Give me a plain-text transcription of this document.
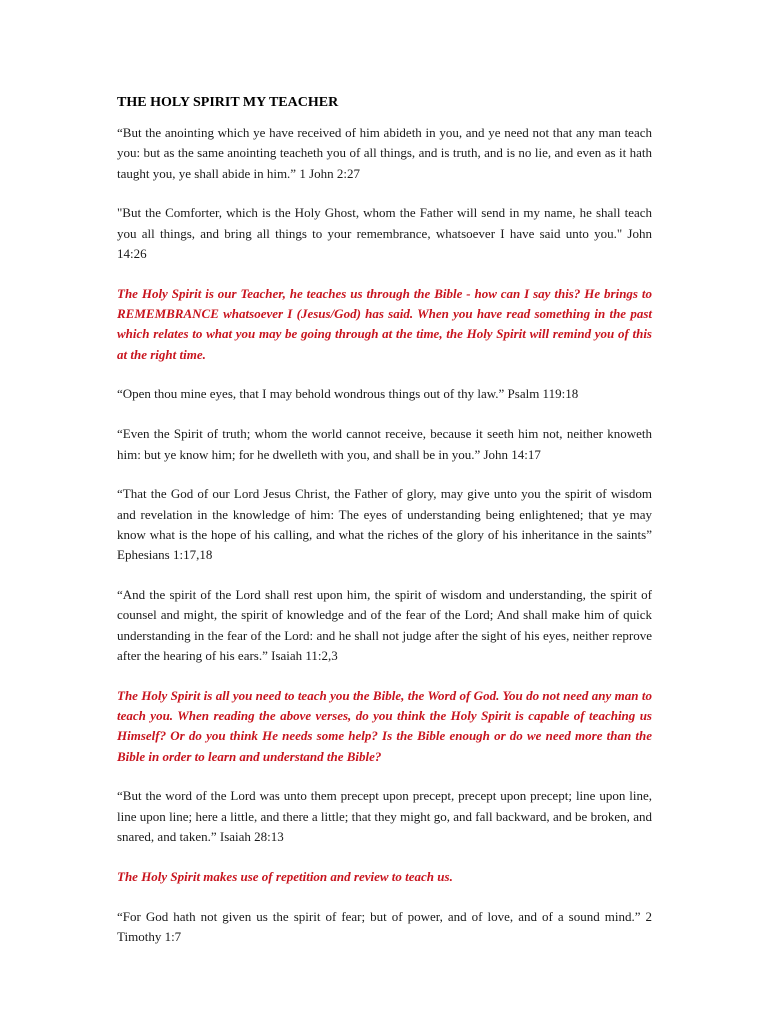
THE HOLY SPIRIT MY TEACHER

“But the anointing which ye have received of him abideth in you, and ye need not that any man teach you: but as the same anointing teacheth you of all things, and is truth, and is no lie, and even as it hath taught you, ye shall abide in him.” 1 John 2:27

"But the Comforter, which is the Holy Ghost, whom the Father will send in my name, he shall teach you all things, and bring all things to your remembrance, whatsoever I have said unto you." John 14:26

The Holy Spirit is our Teacher, he teaches us through the Bible - how can I say this? He brings to REMEMBRANCE whatsoever I (Jesus/God) has said. When you have read something in the past which relates to what you may be going through at the time, the Holy Spirit will remind you of this at the right time.

“Open thou mine eyes, that I may behold wondrous things out of thy law.” Psalm 119:18

“Even the Spirit of truth; whom the world cannot receive, because it seeth him not, neither knoweth him: but ye know him; for he dwelleth with you, and shall be in you.” John 14:17

“That the God of our Lord Jesus Christ, the Father of glory, may give unto you the spirit of wisdom and revelation in the knowledge of him: The eyes of understanding being enlightened; that ye may know what is the hope of his calling, and what the riches of the glory of his inheritance in the saints” Ephesians 1:17,18

“And the spirit of the Lord shall rest upon him, the spirit of wisdom and understanding, the spirit of counsel and might, the spirit of knowledge and of the fear of the Lord; And shall make him of quick understanding in the fear of the Lord: and he shall not judge after the sight of his eyes, neither reprove after the hearing of his ears.” Isaiah 11:2,3

The Holy Spirit is all you need to teach you the Bible, the Word of God. You do not need any man to teach you. When reading the above verses, do you think the Holy Spirit is capable of teaching us Himself? Or do you think He needs some help? Is the Bible enough or do we need more than the Bible in order to learn and understand the Bible?

“But the word of the Lord was unto them precept upon precept, precept upon precept; line upon line, line upon line; here a little, and there a little; that they might go, and fall backward, and be broken, and snared, and taken.” Isaiah 28:13

The Holy Spirit makes use of repetition and review to teach us.

“For God hath not given us the spirit of fear; but of power, and of love, and of a sound mind.” 2 Timothy 1:7
